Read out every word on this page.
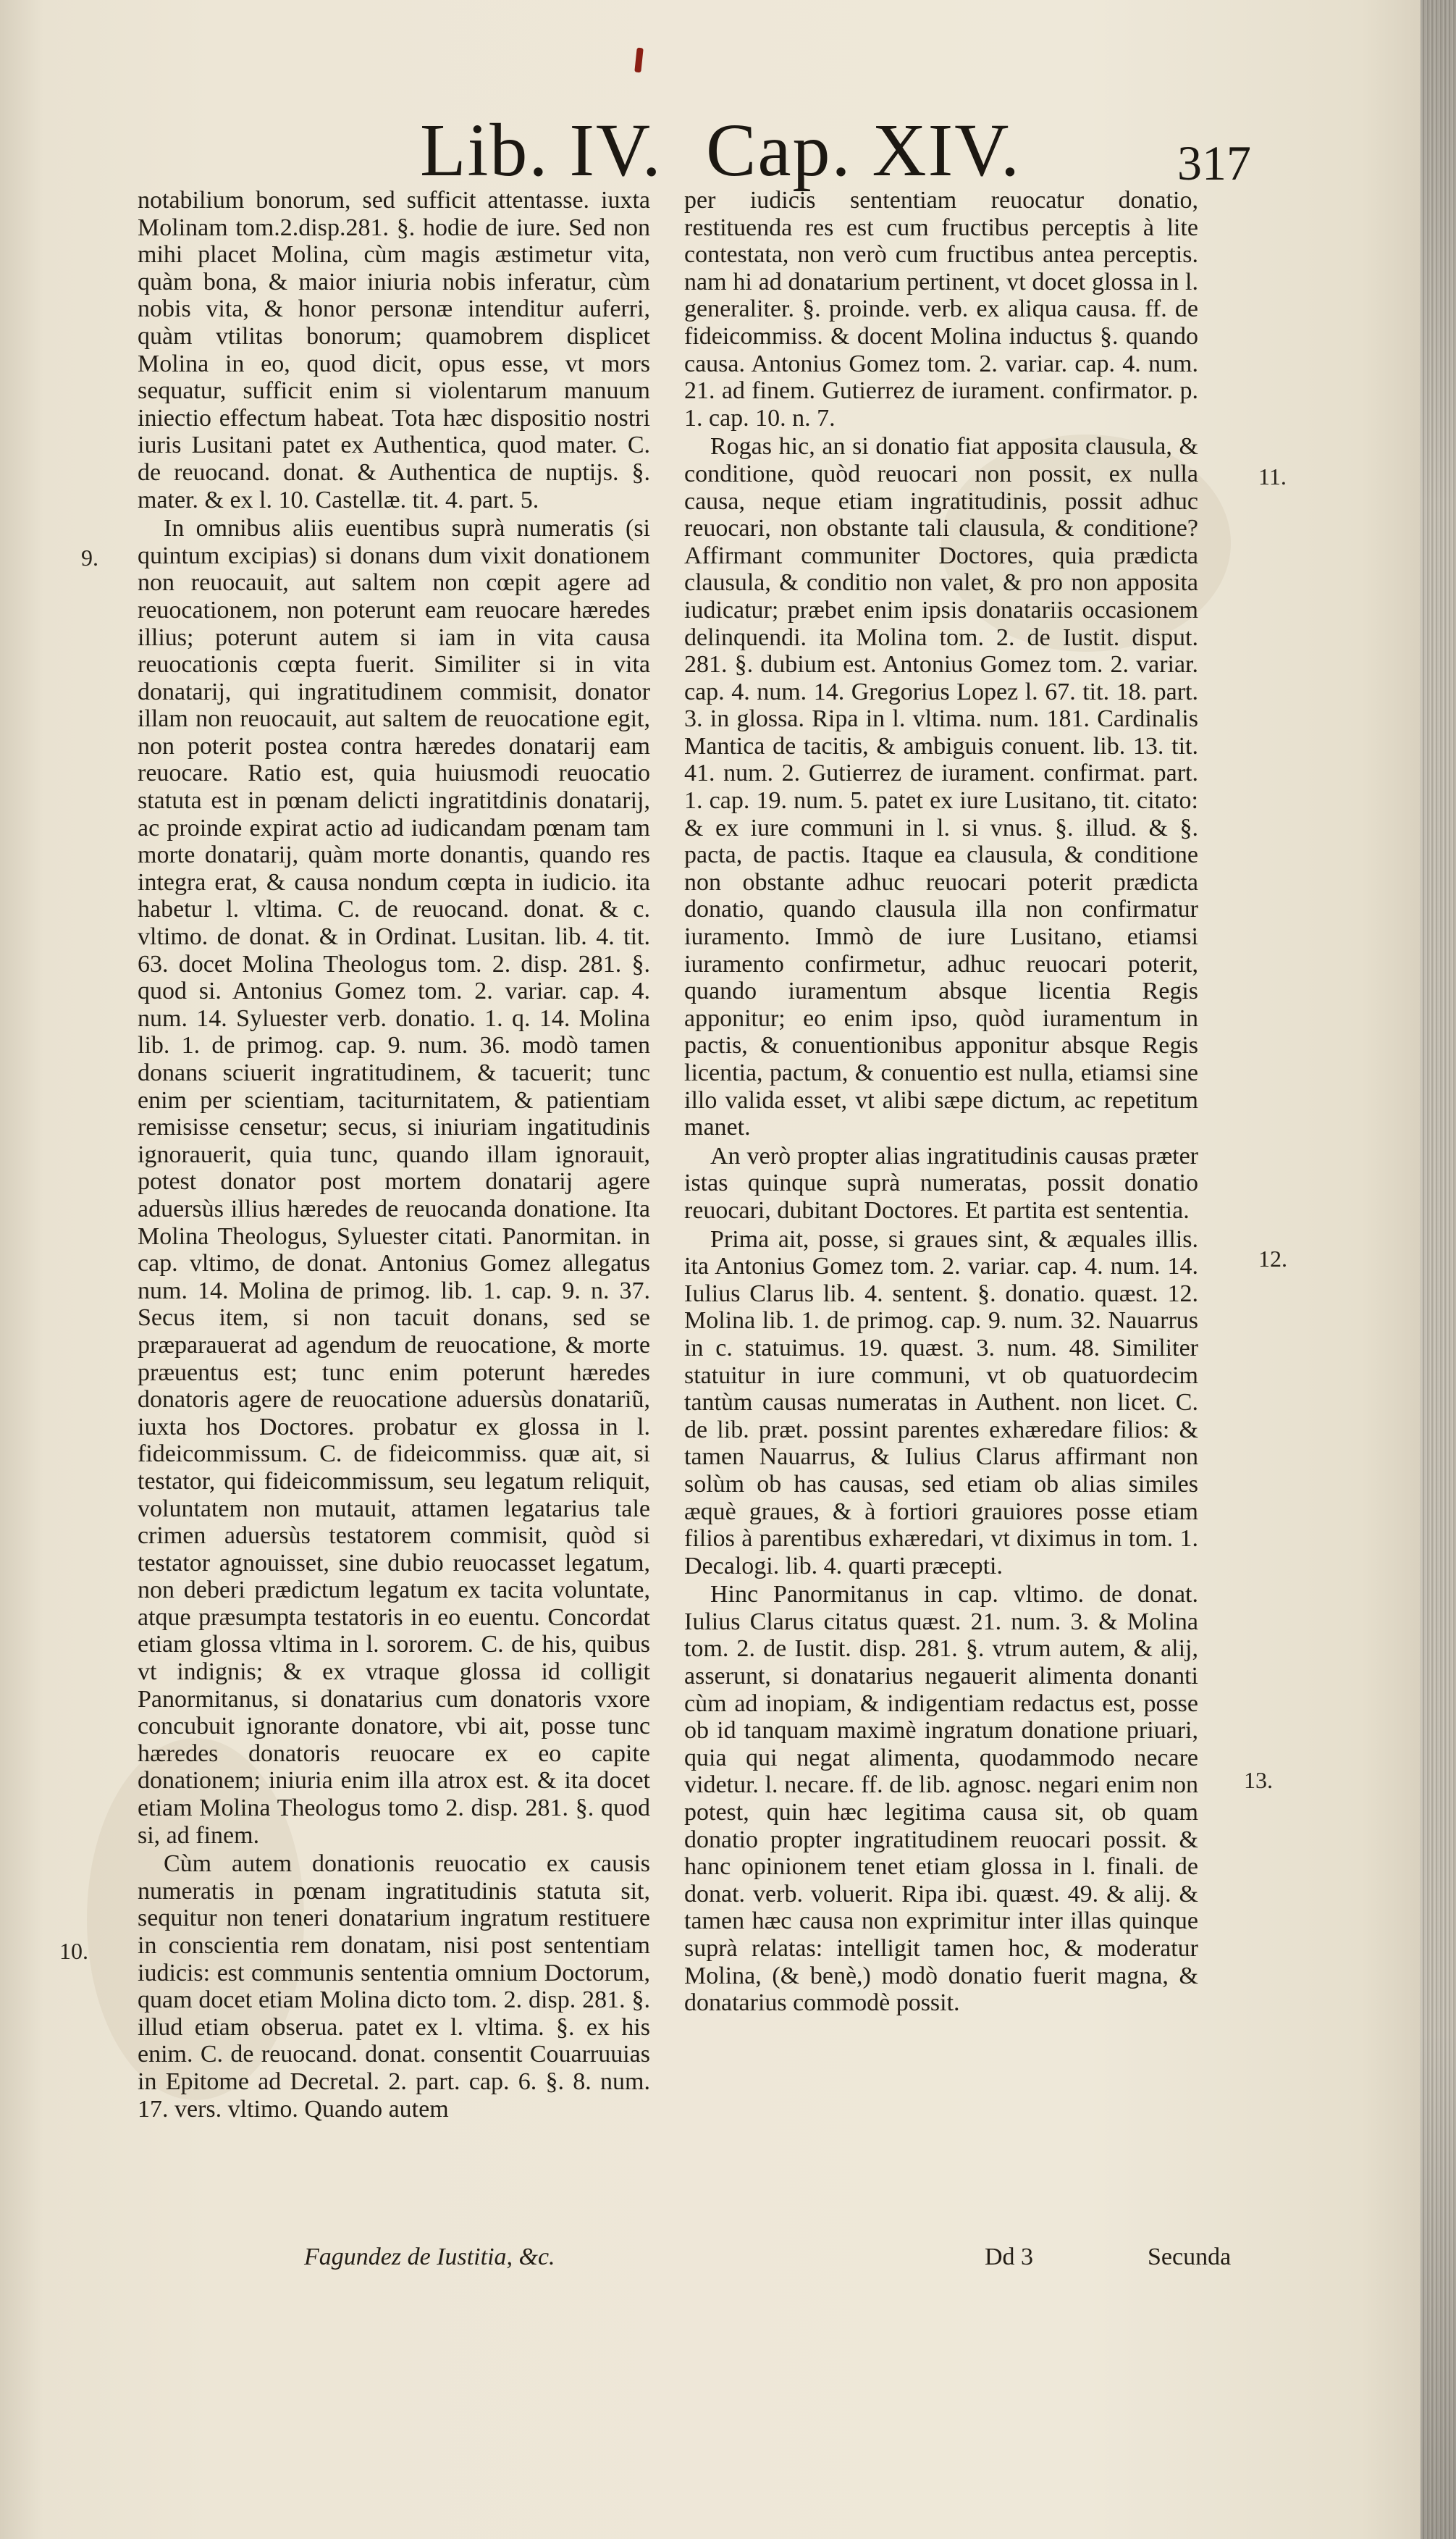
Lib. IV. Cap. XIV.	317

notabilium bonorum, sed sufficit attentasse. iuxta Molinam tom.2.disp.281. §. hodie de iure. Sed non mihi placet Molina, cùm magis æstimetur vita, quàm bona, & maior iniuria nobis inferatur, cùm nobis vita, & honor personæ intenditur auferri, quàm vtilitas bonorum; quamobrem displicet Molina in eo, quod dicit, opus esse, vt mors sequatur, sufficit enim si violentarum manuum iniectio effectum habeat. Tota hæc dispositio nostri iuris Lusitani patet ex Authentica, quod mater. C. de reuocand. donat. & Authentica de nuptijs. §. mater. & ex l. 10. Castellæ. tit. 4. part. 5.

In omnibus aliis euentibus suprà numeratis (si quintum excipias) si donans dum vixit donationem non reuocauit, aut saltem non cœpit agere ad reuocationem, non poterunt eam reuocare hæredes illius; poterunt autem si iam in vita causa reuocationis cœpta fuerit. Similiter si in vita donatarij, qui ingratitudinem commisit, donator illam non reuocauit, aut saltem de reuocatione egit, non poterit postea contra hæredes donatarij eam reuocare. Ratio est, quia huiusmodi reuocatio statuta est in pœnam delicti ingratitdinis donatarij, ac proinde expirat actio ad iudicandam pœnam tam morte donatarij, quàm morte donantis, quando res integra erat, & causa nondum cœpta in iudicio. ita habetur l. vltima. C. de reuocand. donat. & c. vltimo. de donat. & in Ordinat. Lusitan. lib. 4. tit. 63. docet Molina Theologus tom. 2. disp. 281. §. quod si. Antonius Gomez tom. 2. variar. cap. 4. num. 14. Syluester verb. donatio. 1. q. 14. Molina lib. 1. de primog. cap. 9. num. 36. modò tamen donans sciuerit ingratitudinem, & tacuerit; tunc enim per scientiam, taciturnitatem, & patientiam remisisse censetur; secus, si iniuriam ingatitudinis ignorauerit, quia tunc, quando illam ignorauit, potest donator post mortem donatarij agere aduersùs illius hæredes de reuocanda donatione. Ita Molina Theologus, Syluester citati. Panormitan. in cap. vltimo, de donat. Antonius Gomez allegatus num. 14. Molina de primog. lib. 1. cap. 9. n. 37. Secus item, si non tacuit donans, sed se præparauerat ad agendum de reuocatione, & morte præuentus est; tunc enim poterunt hæredes donatoris agere de reuocatione aduersùs donatariũ, iuxta hos Doctores. probatur ex glossa in l. fideicommissum. C. de fideicommiss. quæ ait, si testator, qui fideicommissum, seu legatum reliquit, voluntatem non mutauit, attamen legatarius tale crimen aduersùs testatorem commisit, quòd si testator agnouisset, sine dubio reuocasset legatum, non deberi prædictum legatum ex tacita voluntate, atque præsumpta testatoris in eo euentu. Concordat etiam glossa vltima in l. sororem. C. de his, quibus vt indignis; & ex vtraque glossa id colligit Panormitanus, si donatarius cum donatoris vxore concubuit ignorante donatore, vbi ait, posse tunc hæredes donatoris reuocare ex eo capite donationem; iniuria enim illa atrox est. & ita docet etiam Molina Theologus tomo 2. disp. 281. §. quod si, ad finem.

Cùm autem donationis reuocatio ex causis numeratis in pœnam ingratitudinis statuta sit, sequitur non teneri donatarium ingratum restituere in conscientia rem donatam, nisi post sententiam iudicis: est communis sententia omnium Doctorum, quam docet etiam Molina dicto tom. 2. disp. 281. §. illud etiam obserua. patet ex l. vltima. §. ex his enim. C. de reuocand. donat. consentit Couarruuias in Epitome ad Decretal. 2. part. cap. 6. §. 8. num. 17. vers. vltimo. Quando autem

per iudicis sententiam reuocatur donatio, restituenda res est cum fructibus perceptis à lite contestata, non verò cum fructibus antea perceptis. nam hi ad donatarium pertinent, vt docet glossa in l. generaliter. §. proinde. verb. ex aliqua causa. ff. de fideicommiss. & docent Molina inductus §. quando causa. Antonius Gomez tom. 2. variar. cap. 4. num. 21. ad finem. Gutierrez de iurament. confirmator. p. 1. cap. 10. n. 7.

Rogas hic, an si donatio fiat apposita clausula, & conditione, quòd reuocari non possit, ex nulla causa, neque etiam ingratitudinis, possit adhuc reuocari, non obstante tali clausula, & conditione? Affirmant communiter Doctores, quia prædicta clausula, & conditio non valet, & pro non apposita iudicatur; præbet enim ipsis donatariis occasionem delinquendi. ita Molina tom. 2. de Iustit. disput. 281. §. dubium est. Antonius Gomez tom. 2. variar. cap. 4. num. 14. Gregorius Lopez l. 67. tit. 18. part. 3. in glossa. Ripa in l. vltima. num. 181. Cardinalis Mantica de tacitis, & ambiguis conuent. lib. 13. tit. 41. num. 2. Gutierrez de iurament. confirmat. part. 1. cap. 19. num. 5. patet ex iure Lusitano, tit. citato: & ex iure communi in l. si vnus. §. illud. & §. pacta, de pactis. Itaque ea clausula, & conditione non obstante adhuc reuocari poterit prædicta donatio, quando clausula illa non confirmatur iuramento. Immò de iure Lusitano, etiamsi iuramento confirmetur, adhuc reuocari poterit, quando iuramentum absque licentia Regis apponitur; eo enim ipso, quòd iuramentum in pactis, & conuentionibus apponitur absque Regis licentia, pactum, & conuentio est nulla, etiamsi sine illo valida esset, vt alibi sæpe dictum, ac repetitum manet.

An verò propter alias ingratitudinis causas præter istas quinque suprà numeratas, possit donatio reuocari, dubitant Doctores. Et partita est sententia.

Prima ait, posse, si graues sint, & æquales illis. ita Antonius Gomez tom. 2. variar. cap. 4. num. 14. Iulius Clarus lib. 4. sentent. §. donatio. quæst. 12. Molina lib. 1. de primog. cap. 9. num. 32. Nauarrus in c. statuimus. 19. quæst. 3. num. 48. Similiter statuitur in iure communi, vt ob quatuordecim tantùm causas numeratas in Authent. non licet. C. de lib. præt. possint parentes exhæredare filios: & tamen Nauarrus, & Iulius Clarus affirmant non solùm ob has causas, sed etiam ob alias similes æquè graues, & à fortiori grauiores posse etiam filios à parentibus exhæredari, vt diximus in tom. 1. Decalogi. lib. 4. quarti præcepti.

Hinc Panormitanus in cap. vltimo. de donat. Iulius Clarus citatus quæst. 21. num. 3. & Molina tom. 2. de Iustit. disp. 281. §. vtrum autem, & alij, asserunt, si donatarius negauerit alimenta donanti cùm ad inopiam, & indigentiam redactus est, posse ob id tanquam maximè ingratum donatione priuari, quia qui negat alimenta, quodammodo necare videtur. l. necare. ff. de lib. agnosc. negari enim non potest, quin hæc legitima causa sit, ob quam donatio propter ingratitudinem reuocari possit. & hanc opinionem tenet etiam glossa in l. finali. de donat. verb. voluerit. Ripa ibi. quæst. 49. & alij. & tamen hæc causa non exprimitur inter illas quinque suprà relatas: intelligit tamen hoc, & moderatur Molina, (& benè,) modò donatio fuerit magna, & donatarius commodè possit.

9.
10.
11.
12.
13.
Fagundez de Iustitia, &c.	Dd 3	Secunda
